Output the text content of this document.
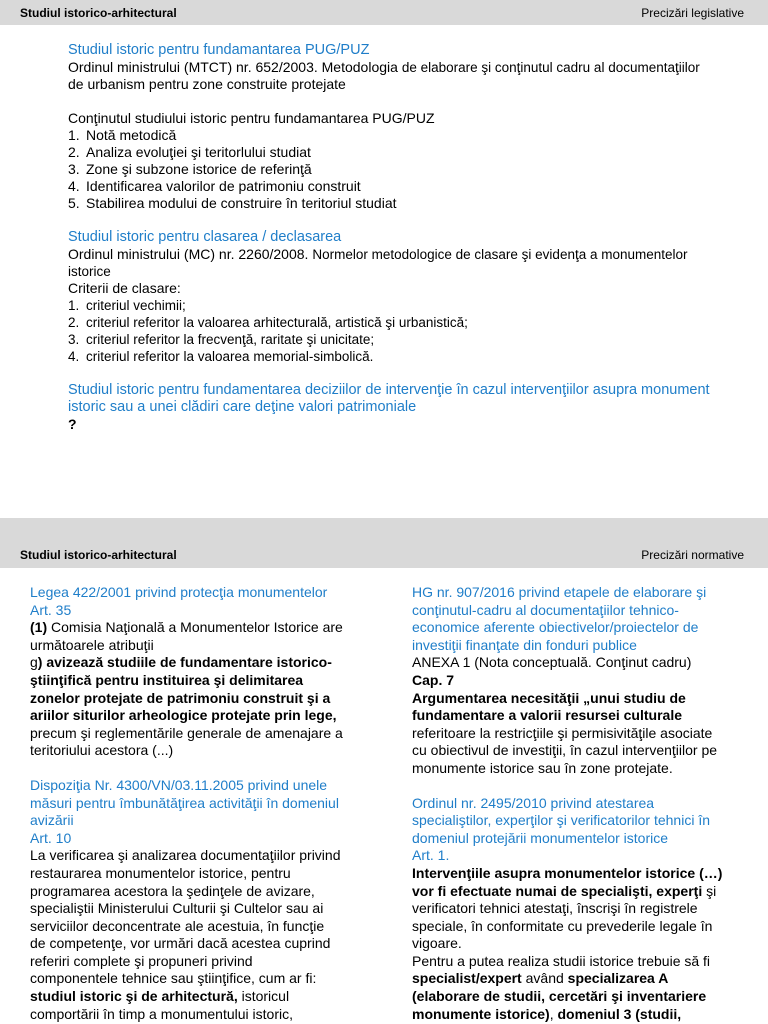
Studiul istorico-arhitectural	Precizări legislative
Studiul istoric pentru fundamantarea PUG/PUZ
Ordinul ministrului (MTCT) nr. 652/2003. Metodologia de elaborare şi conţinutul cadru al documentaţiilor
de urbanism pentru zone construite protejate
Conţinutul studiului istoric pentru fundamantarea PUG/PUZ
1. Notă metodică
2. Analiza evoluţiei şi teritorlului studiat
3. Zone şi subzone istorice de referinţă
4. Identificarea valorilor de patrimoniu construit
5. Stabilirea modului de construire în teritoriul studiat
Studiul istoric pentru clasarea / declasarea
Ordinul ministrului (MC) nr. 2260/2008. Normelor metodologice de clasare şi evidenţa a monumentelor
istorice
Criterii de clasare:
1. criteriul vechimii;
2. criteriul referitor la valoarea arhitecturală, artistică şi urbanistică;
3. criteriul referitor la frecvenţă, raritate şi unicitate;
4. criteriul referitor la valoarea memorial-simbolică.
Studiul istoric pentru fundamentarea deciziilor de intervenţie în cazul intervenţiilor asupra monument
istoric sau a unei clădiri care deţine valori patrimoniale
?
Studiul istorico-arhitectural	Precizări normative
Legea 422/2001 privind protecţia monumentelor
Art. 35
(1) Comisia Naţională a Monumentelor Istorice are
următoarele atribuţii
g) avizează studiile de fundamentare istorico-
ştiinţifică pentru instituirea şi delimitarea
zonelor protejate de patrimoniu construit şi a
ariilor siturilor arheologice protejate prin lege,
precum şi reglementările generale de amenajare a
teritoriului acestora (...)
Dispoziţia Nr. 4300/VN/03.11.2005 privind unele
măsuri pentru îmbunătăţirea activităţii în domeniul
avizării
Art. 10
La verificarea şi analizarea documentaţiilor privind
restaurarea monumentelor istorice, pentru
programarea acestora la şedinţele de avizare,
specialiştii Ministerului Culturii şi Cultelor sau ai
serviciilor deconcentrate ale acestuia, în funcţie
de competenţe, vor urmări dacă acestea cuprind
referiri complete şi propuneri privind
componentele tehnice sau ştiinţifice, cum ar fi:
studiul istoric şi de arhitectură, istoricul
comportării în timp a monumentului istoric,
HG nr. 907/2016 privind etapele de elaborare şi
conţinutul-cadru al documentaţiilor tehnico-
economice aferente obiectivelor/proiectelor de
investiţii finanţate din fonduri publice
ANEXA 1 (Nota conceptuală. Conţinut cadru)
Cap. 7
Argumentarea necesităţii „unui studiu de
fundamentare a valorii resursei culturale
referitoare la restricţiile şi permisivităţile asociate
cu obiectivul de investiţii, în cazul intervenţiilor pe
monumente istorice sau în zone protejate.
Ordinul nr. 2495/2010 privind atestarea
specialiştilor, experţilor şi verificatorilor tehnici în
domeniul protejării monumentelor istorice
Art. 1.
Intervenţiile asupra monumentelor istorice (…)
vor fi efectuate numai de specialişti, experţi şi
verificatori tehnici atestaţi, înscrişi în registrele
speciale, în conformitate cu prevederile legale în
vigoare.
Pentru a putea realiza studii istorice trebuie să fi
specialist/expert având specializarea A
(elaborare de studii, cercetări şi inventariere
monumente istorice), domeniul 3 (studii,
